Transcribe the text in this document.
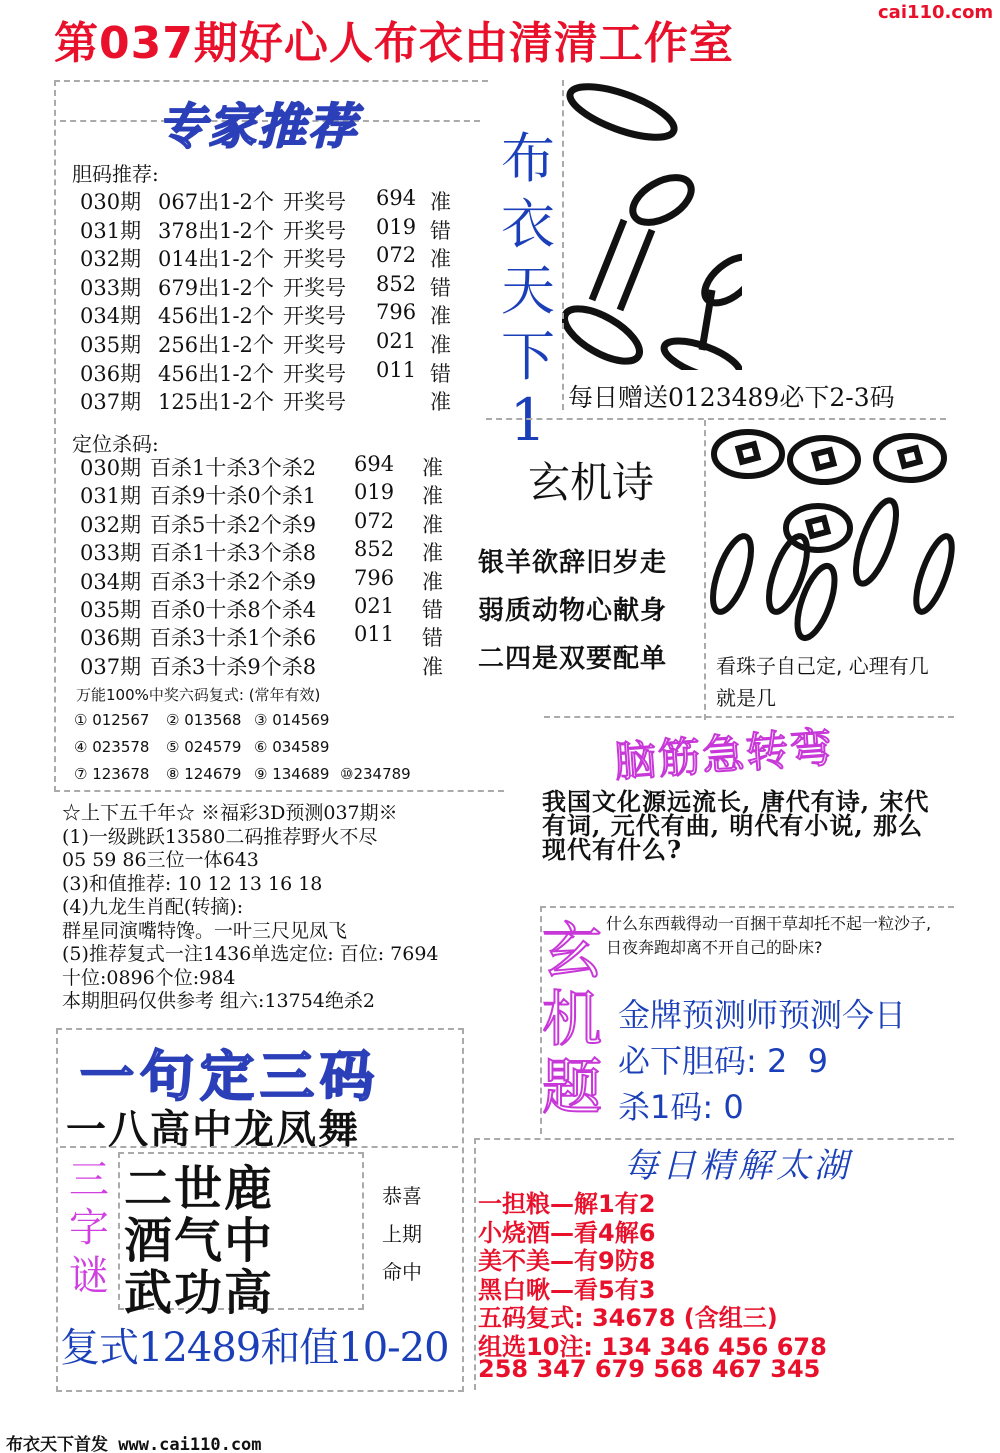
cai110.com
第037期好心人布衣由清清工作室
专家推荐
胆码推荐:
030期 067出1-2个 开奖号 694 准
031期 378出1-2个 开奖号 019 错
032期 014出1-2个 开奖号 072 准
033期 679出1-2个 开奖号 852 错
034期 456出1-2个 开奖号 796 准
035期 256出1-2个 开奖号 021 准
036期 456出1-2个 开奖号 011 错
037期 125出1-2个 开奖号	准
定位杀码:
030期 百杀1十杀3个杀2 694 准
031期 百杀9十杀0个杀1 019 准
032期 百杀5十杀2个杀9 072 准
033期 百杀1十杀3个杀8 852 准
034期 百杀3十杀2个杀9 796 准
035期 百杀0十杀8个杀4 021 错
036期 百杀3十杀1个杀6 011 错
037期 百杀3十杀9个杀8	准
万能100%中奖六码复式: (常年有效)
① 012567 ② 013568 ③ 014569
④ 023578 ⑤ 024579 ⑥ 034589
⑦ 123678 ⑧ 124679 ⑨ 134689 ⑩234789
☆上下五千年☆ ※福彩3D预测037期※
(1)一级跳跃13580二码推荐野火不尽
05 59 86三位一体643
(3)和值推荐: 10 12 13 16 18
(4)九龙生肖配(转摘):
群星同演嘴特馋。一叶三尺见凤飞
(5)推荐复式一注1436单选定位: 百位: 7694
十位:0896个位:984
本期胆码仅供参考 组六:13754绝杀2
布
衣
天
下
1 每日赠送0123489必下2-3码
玄机诗
银羊欲辞旧岁走
弱质动物心献身
二四是双要配单 看珠子自己定, 心理有几就是几
脑筋急转弯
我国文化源远流长, 唐代有诗, 宋代有词, 元代有曲, 明代有小说, 那么现代有什么?
玄
机
题
什么东西载得动一百捆干草却托不起一粒沙子, 日夜奔跑却离不开自己的卧床?
金牌预测师预测今日
必下胆码: 2  9
杀1码: 0
一句定三码
一八高中龙凤舞
三
字
谜
二世鹿
酒气中
武功高
恭喜
上期
命中
复式12489和值10-20
每日精解太湖
一担粮—解1有2
小烧酒—看4解6
美不美—有9防8
黑白啾—看5有3
五码复式: 34678 (含组三)
组选10注: 134 346 456 678
258 347 679 568 467 345
布衣天下首发 www.cai110.com
